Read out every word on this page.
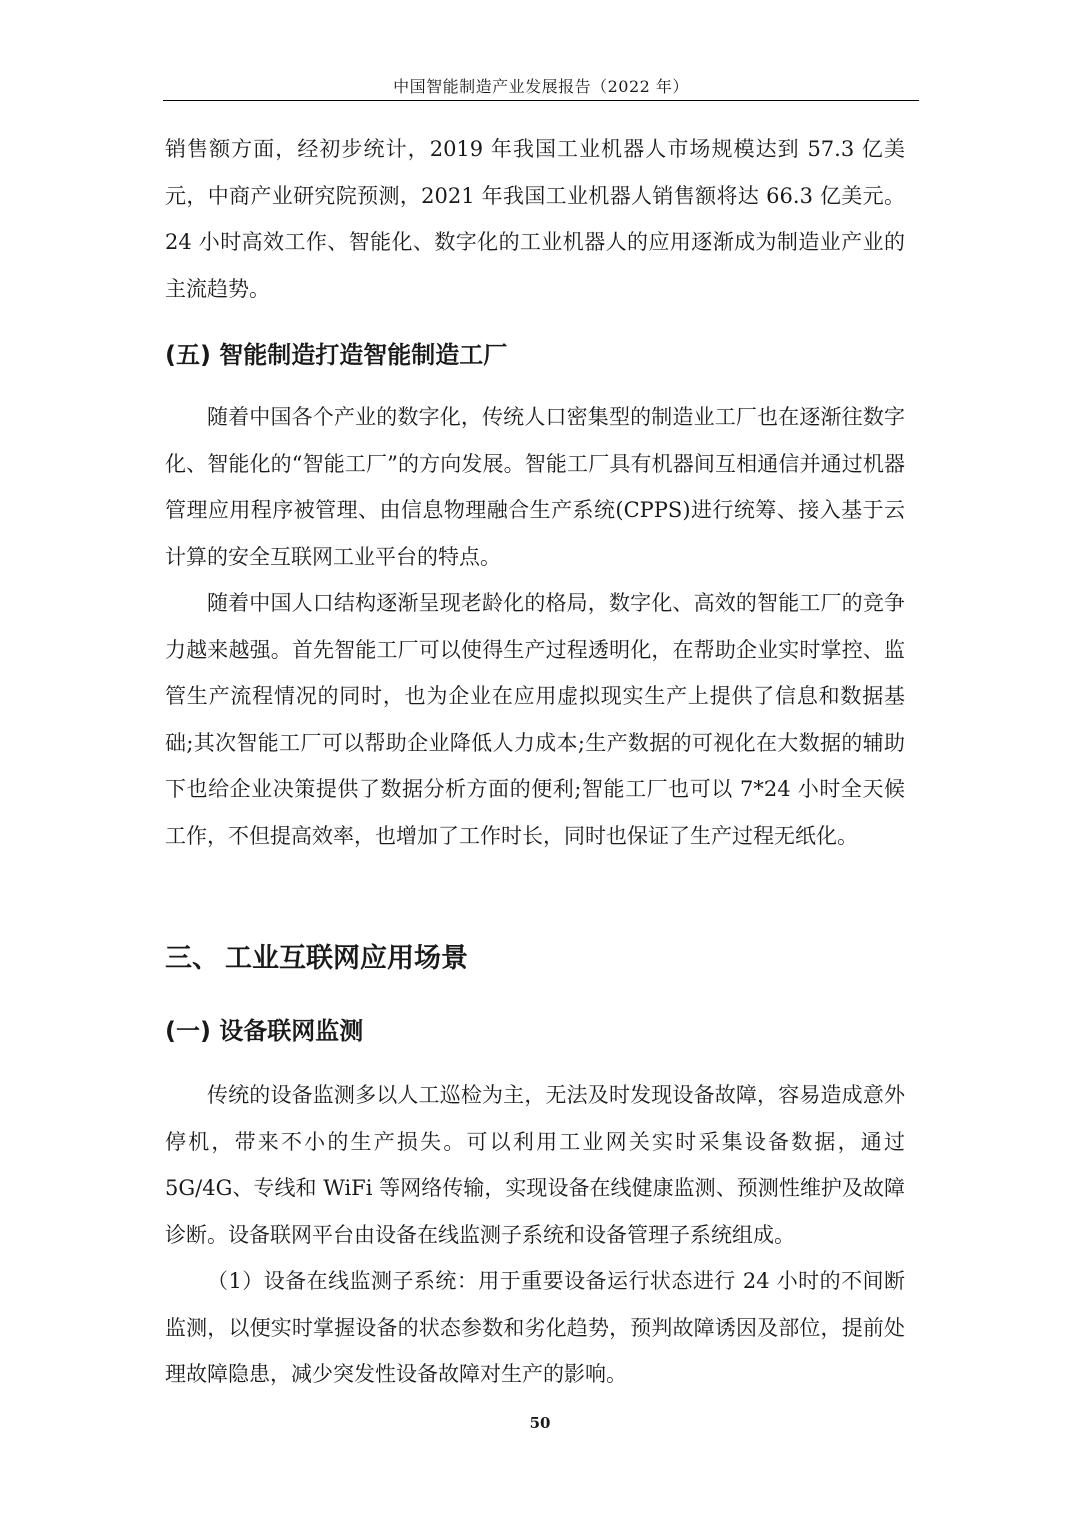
中国智能制造产业发展报告（2022 年）

销售额方面，经初步统计，2019 年我国工业机器人市场规模达到 57.3 亿美元，中商产业研究院预测，2021 年我国工业机器人销售额将达 66.3 亿美元。24 小时高效工作、智能化、数字化的工业机器人的应用逐渐成为制造业产业的主流趋势。

(五) 智能制造打造智能制造工厂

随着中国各个产业的数字化，传统人口密集型的制造业工厂也在逐渐往数字化、智能化的“智能工厂”的方向发展。智能工厂具有机器间互相通信并通过机器管理应用程序被管理、由信息物理融合生产系统(CPPS)进行统筹、接入基于云计算的安全互联网工业平台的特点。

随着中国人口结构逐渐呈现老龄化的格局，数字化、高效的智能工厂的竞争力越来越强。首先智能工厂可以使得生产过程透明化，在帮助企业实时掌控、监管生产流程情况的同时，也为企业在应用虚拟现实生产上提供了信息和数据基础;其次智能工厂可以帮助企业降低人力成本;生产数据的可视化在大数据的辅助下也给企业决策提供了数据分析方面的便利;智能工厂也可以 7*24 小时全天候工作，不但提高效率，也增加了工作时长，同时也保证了生产过程无纸化。

三、 工业互联网应用场景
(一) 设备联网监测

传统的设备监测多以人工巡检为主，无法及时发现设备故障，容易造成意外停机，带来不小的生产损失。可以利用工业网关实时采集设备数据，通过 5G/4G、专线和 WiFi 等网络传输，实现设备在线健康监测、预测性维护及故障诊断。设备联网平台由设备在线监测子系统和设备管理子系统组成。

（1）设备在线监测子系统：用于重要设备运行状态进行 24 小时的不间断监测，以便实时掌握设备的状态参数和劣化趋势，预判故障诱因及部位，提前处理故障隐患，减少突发性设备故障对生产的影响。

50
